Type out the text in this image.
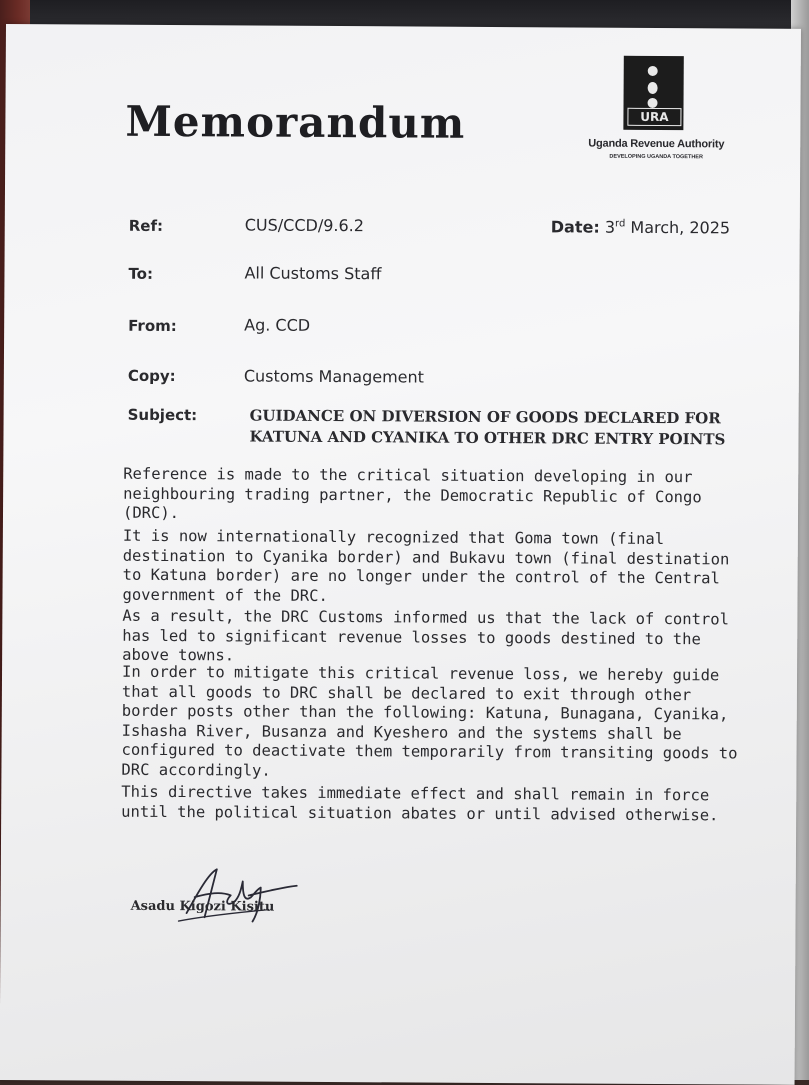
Memorandum	URA
Uganda Revenue Authority
DEVELOPING UGANDA TOGETHER
Ref:	CUS/CCD/9.6.2	Date: 3rd March, 2025
To:	All Customs Staff
From:	Ag. CCD
Copy:	Customs Management
Subject:	GUIDANCE ON DIVERSION OF GOODS DECLARED FOR KATUNA AND CYANIKA TO OTHER DRC ENTRY POINTS

Reference is made to the critical situation developing in our neighbouring trading partner, the Democratic Republic of Congo (DRC).

It is now internationally recognized that Goma town (final destination to Cyanika border) and Bukavu town (final destination to Katuna border) are no longer under the control of the Central government of the DRC.

As a result, the DRC Customs informed us that the lack of control has led to significant revenue losses to goods destined to the above towns.

In order to mitigate this critical revenue loss, we hereby guide that all goods to DRC shall be declared to exit through other border posts other than the following: Katuna, Bunagana, Cyanika, Ishasha River, Busanza and Kyeshero and the systems shall be configured to deactivate them temporarily from transiting goods to DRC accordingly.

This directive takes immediate effect and shall remain in force until the political situation abates or until advised otherwise.

Asadu Kigozi Kisitu
